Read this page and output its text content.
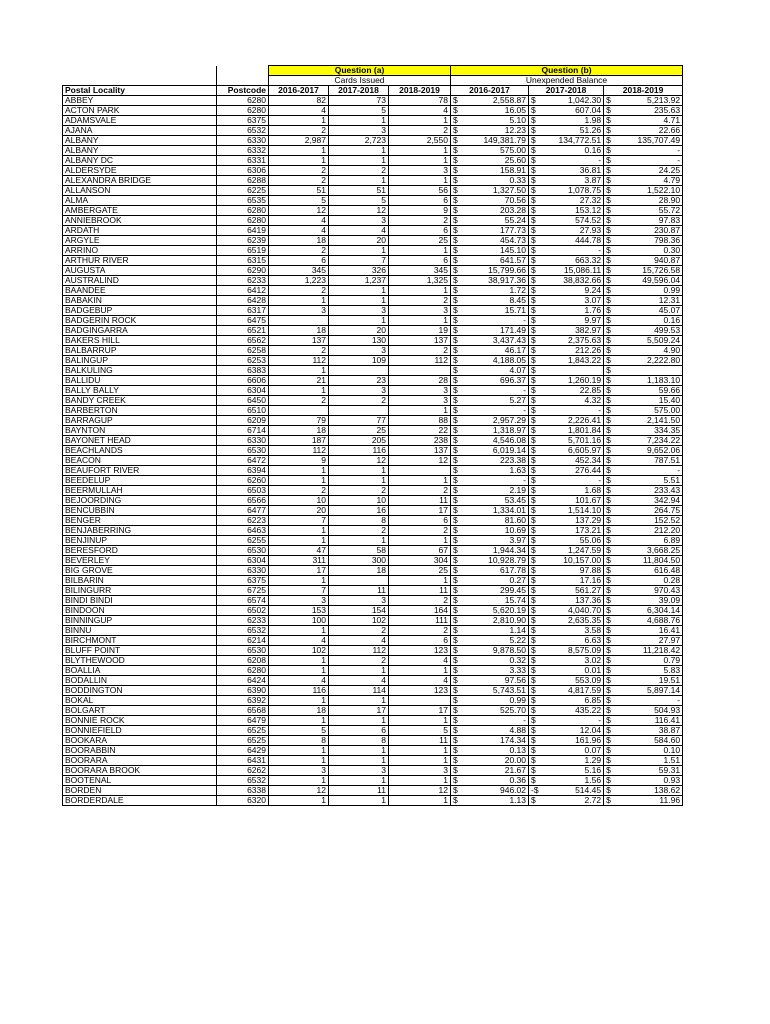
		Question (a)			Question (b)					
		Cards Issued			Unexpended Balance					
Postal Locality	Postcode	2016-2017	2017-2018	2018-2019	2016-2017		2017-2018		2018-2019	
ABBEY	6280	82	73	78	$	2,558.87	$	1,042.30	$	5,213.92
ACTON PARK	6280	4	5	4	$	16.05	$	607.04	$	235.63
ADAMSVALE	6375	1	1	1	$	5.10	$	1.98	$	4.71
AJANA	6532	2	3	2	$	12.23	$	51.26	$	22.66
ALBANY	6330	2,987	2,723	2,550	$	149,381.79	$	134,772.51	$	135,707.49
ALBANY	6332	1	1	1	$	575.00	$	0.16	$	-
ALBANY DC	6331	1	1	1	$	25.60	$	-	$	-
ALDERSYDE	6306	2	2	3	$	158.91	$	36.81	$	24.25
ALEXANDRA BRIDGE	6288	2	1	1	$	0.33	$	3.87	$	4.79
ALLANSON	6225	51	51	56	$	1,327.50	$	1,078.75	$	1,522.10
ALMA	6535	5	5	6	$	70.56	$	27.32	$	28.90
AMBERGATE	6280	12	12	9	$	203.28	$	153.12	$	55.72
ANNIEBROOK	6280	4	3	2	$	55.24	$	574.52	$	97.83
ARDATH	6419	4	4	6	$	177.73	$	27.93	$	230.87
ARGYLE	6239	18	20	25	$	454.73	$	444.78	$	798.36
ARRINO	6519	2	1	1	$	145.10	$	-	$	0.30
ARTHUR RIVER	6315	6	7	6	$	641.57	$	663.32	$	940.87
AUGUSTA	6290	345	326	345	$	15,799.66	$	15,086.11	$	15,726.58
AUSTRALIND	6233	1,223	1,237	1,325	$	38,917.36	$	38,832.66	$	49,596.04
BAANDEE	6412	2	1	1	$	1.72	$	9.24	$	0.99
BABAKIN	6428	1	1	2	$	8.45	$	3.07	$	12.31
BADGEBUP	6317	3	3	3	$	15.71	$	1.76	$	45.07
BADGERIN ROCK	6475		1	1	$	-	$	9.97	$	0.16
BADGINGARRA	6521	18	20	19	$	171.49	$	382.97	$	499.53
BAKERS HILL	6562	137	130	137	$	3,437.43	$	2,375.63	$	5,509.24
BALBARRUP	6258	2	3	2	$	46.17	$	212.26	$	4.90
BALINGUP	6253	112	109	112	$	4,188.05	$	1,843.22	$	2,222.80
BALKULING	6383	1			$	4.07	$		$	
BALLIDU	6606	21	23	28	$	696.37	$	1,260.19	$	1,183.10
BALLY BALLY	6304	1	3	3	$	-	$	22.85	$	59.66
BANDY CREEK	6450	2	2	3	$	5.27	$	4.32	$	15.40
BARBERTON	6510			1	$	-	$	-	$	575.00
BARRAGUP	6209	79	77	88	$	2,957.29	$	2,226.41	$	2,141.50
BAYNTON	6714	18	25	22	$	1,318.97	$	1,801.84	$	334.35
BAYONET HEAD	6330	187	205	238	$	4,546.08	$	5,701.16	$	7,234.22
BEACHLANDS	6530	112	116	137	$	6,019.14	$	6,605.97	$	9,652.06
BEACON	6472	9	12	12	$	223.38	$	452.34	$	787.51
BEAUFORT RIVER	6394	1	1		$	1.63	$	276.44	$	-
BEEDELUP	6260	1	1	1	$	-	$	-	$	5.51
BEERMULLAH	6503	2	2	2	$	2.19	$	1.68	$	233.43
BEJOORDING	6566	10	10	11	$	53.45	$	101.67	$	342.94
BENCUBBIN	6477	20	16	17	$	1,334.01	$	1,514.10	$	264.75
BENGER	6223	7	8	6	$	81.60	$	137.29	$	152.52
BENJABERRING	6463	1	2	2	$	10.69	$	173.21	$	212.20
BENJINUP	6255	1	1	1	$	3.97	$	55.06	$	6.89
BERESFORD	6530	47	58	67	$	1,944.34	$	1,247.59	$	3,668.25
BEVERLEY	6304	311	300	304	$	10,928.79	$	10,157.00	$	11,804.50
BIG GROVE	6330	17	18	25	$	617.78	$	97.88	$	616.48
BILBARIN	6375	1		1	$	0.27	$	17.16	$	0.28
BILINGURR	6725	7	11	11	$	299.45	$	561.27	$	970.43
BINDI BINDI	6574	3	3	2	$	15.74	$	137.36	$	39.09
BINDOON	6502	153	154	164	$	5,620.19	$	4,040.70	$	6,304.14
BINNINGUP	6233	100	102	111	$	2,810.90	$	2,635.35	$	4,688.76
BINNU	6532	1	2	2	$	1.14	$	3.58	$	16.41
BIRCHMONT	6214	4	4	6	$	5.22	$	6.63	$	27.97
BLUFF POINT	6530	102	112	123	$	9,878.50	$	8,575.09	$	11,218.42
BLYTHEWOOD	6208	1	2	4	$	0.32	$	3.02	$	0.79
BOALLIA	6280	1	1	1	$	3.33	$	0.01	$	5.83
BODALLIN	6424	4	4	4	$	97.56	$	553.09	$	19.51
BODDINGTON	6390	116	114	123	$	5,743.51	$	4,817.59	$	5,897.14
BOKAL	6392	1	1		$	0.99	$	6.85	$	-
BOLGART	6568	18	17	17	$	525.70	$	435.22	$	504.93
BONNIE ROCK	6479	1	1	1	$	-	$	-	$	116.41
BONNIEFIELD	6525	5	6	5	$	4.88	$	12.04	$	38.87
BOOKARA	6525	8	8	11	$	174.34	$	161.96	$	584.60
BOORABBIN	6429	1	1	1	$	0.13	$	0.07	$	0.10
BOORARA	6431	1	1	1	$	20.00	$	1.29	$	1.51
BOORARA BROOK	6262	3	3	3	$	21.67	$	5.16	$	59.31
BOOTENAL	6532	1	1	1	$	0.36	$	1.56	$	0.93
BORDEN	6338	12	11	12	$	946.02	-$	514.45	$	138.62
BORDERDALE	6320	1	1	1	$	1.13	$	2.72	$	11.96
